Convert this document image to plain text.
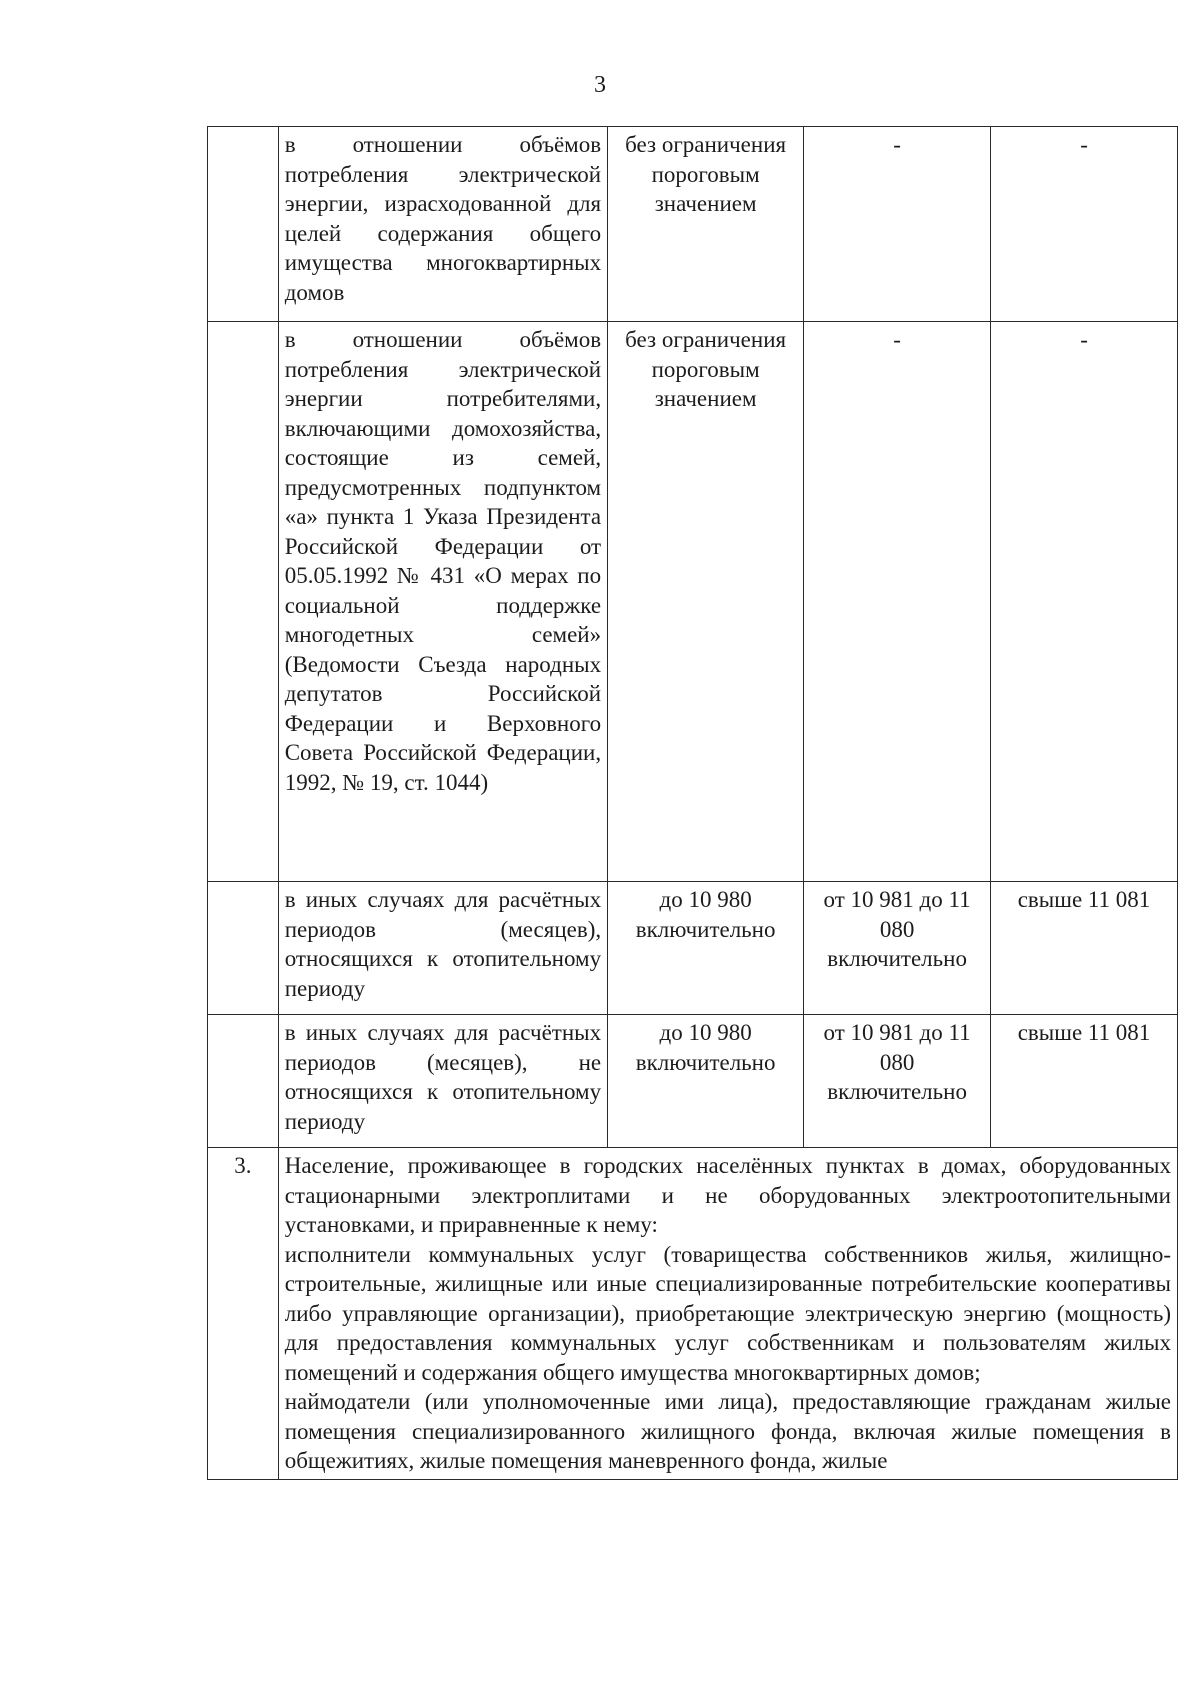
3

	в отношении объёмов потребления электрической энергии, израсходованной для целей содержания общего имущества многоквартирных домов	без ограничения пороговым значением	-	-

	в отношении объёмов потребления электрической энергии потребителями, включающими домохозяйства, состоящие из семей, предусмотренных подпунктом «а» пункта 1 Указа Президента Российской Федерации от 05.05.1992 № 431 «О мерах по социальной поддержке многодетных семей» (Ведомости Съезда народных депутатов Российской Федерации и Верховного Совета Российской Федерации, 1992, № 19, ст. 1044)	без ограничения пороговым значением	-	-

	в иных случаях для расчётных периодов (месяцев), относящихся к отопительному периоду	до 10 980 включительно	от 10 981 до 11 080 включительно	свыше 11 081

	в иных случаях для расчётных периодов (месяцев), не относящихся к отопительному периоду	до 10 980 включительно	от 10 981 до 11 080 включительно	свыше 11 081
3.	Население, проживающее в городских населённых пунктах в домах, оборудованных стационарными электроплитами и не оборудованных электроотопительными установками, и приравненные к нему:

исполнители коммунальных услуг (товарищества собственников жилья, жилищно-строительные, жилищные или иные специализированные потребительские кооперативы либо управляющие организации), приобретающие электрическую энергию (мощность) для предоставления коммунальных услуг собственникам и пользователям жилых помещений и содержания общего имущества многоквартирных домов;

наймодатели (или уполномоченные ими лица), предоставляющие гражданам жилые помещения специализированного жилищного фонда, включая жилые помещения в общежитиях, жилые помещения маневренного фонда, жилые			
